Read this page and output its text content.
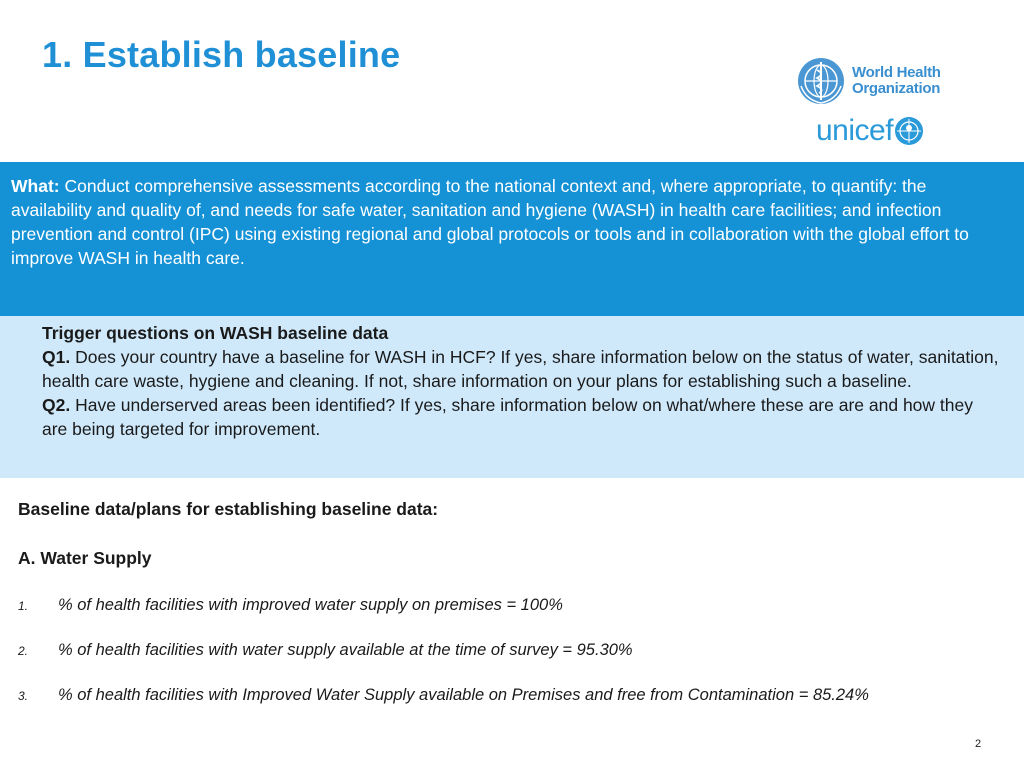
1. Establish baseline	World Health
Organization
unicef
What: Conduct comprehensive assessments according to the national context and, where appropriate, to quantify: the availability and quality of, and needs for safe water, sanitation and hygiene (WASH) in health care facilities; and infection prevention and control (IPC) using existing regional and global protocols or tools and in collaboration with the global effort to improve WASH in health care.
Trigger questions on WASH baseline data
Q1. Does your country have a baseline for WASH in HCF? If yes, share information below on the status of water, sanitation, health care waste, hygiene and cleaning. If not, share information on your plans for establishing such a baseline.
Q2. Have underserved areas been identified? If yes, share information below on what/where these are are and how they are being targeted for improvement.
Baseline data/plans for establishing baseline data:
A. Water Supply
1. % of health facilities with improved water supply on premises = 100%
2. % of health facilities with water supply available at the time of survey = 95.30%
3. % of health facilities with Improved Water Supply available on Premises and free from Contamination = 85.24%
2
